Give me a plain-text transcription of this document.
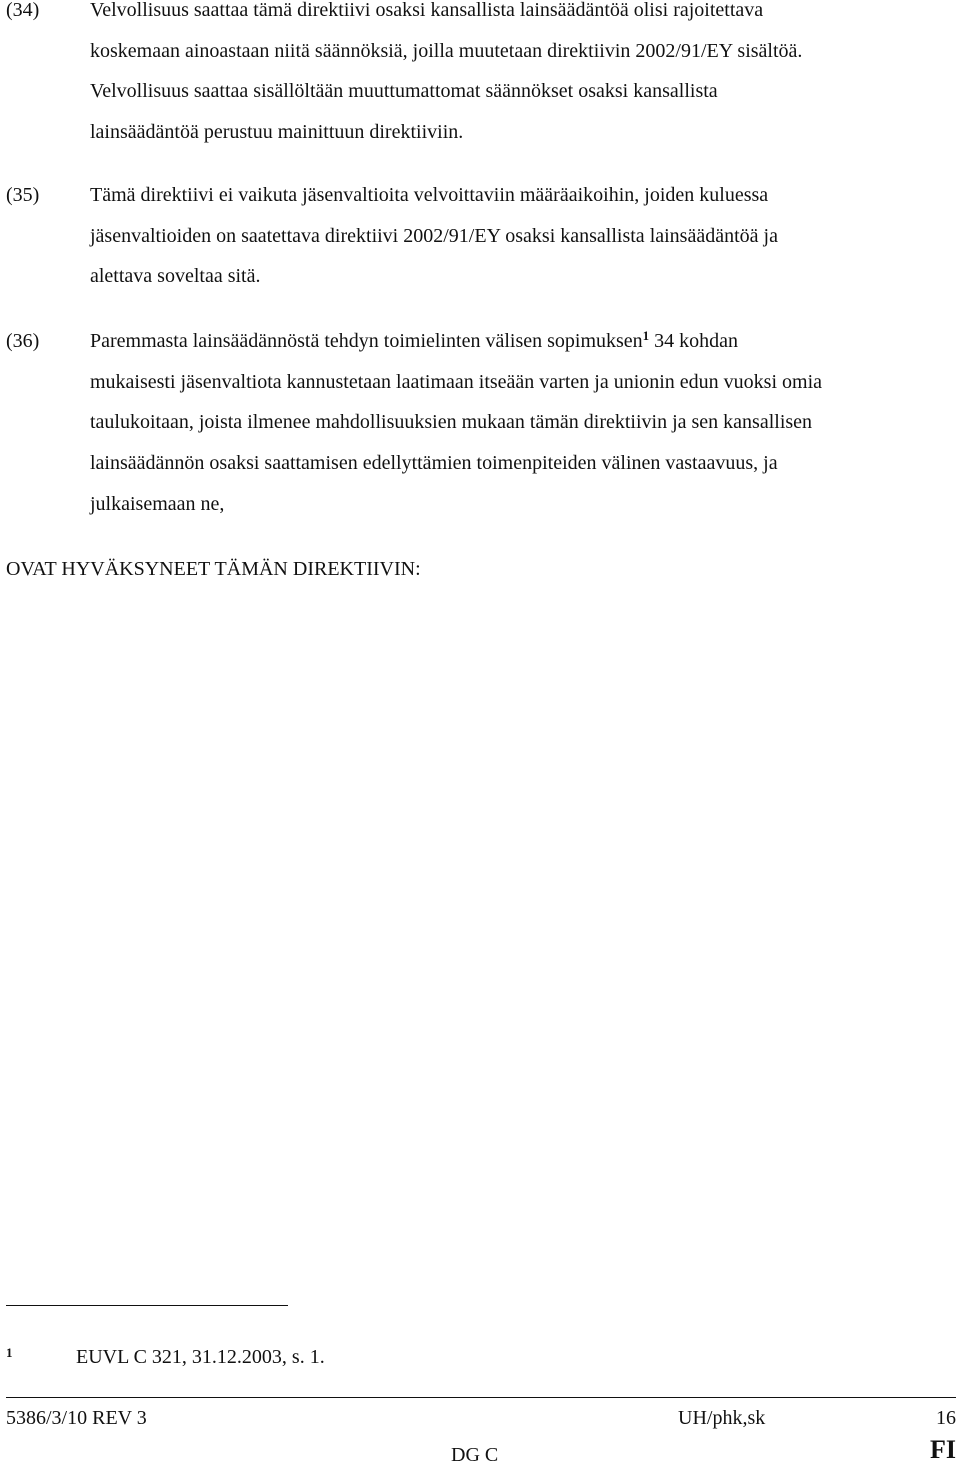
(34)	Velvollisuus saattaa tämä direktiivi osaksi kansallista lainsäädäntöä olisi rajoitettava
koskemaan ainoastaan niitä säännöksiä, joilla muutetaan direktiivin 2002/91/EY sisältöä.
Velvollisuus saattaa sisällöltään muuttumattomat säännökset osaksi kansallista
lainsäädäntöä perustuu mainittuun direktiiviin.
(35)	Tämä direktiivi ei vaikuta jäsenvaltioita velvoittaviin määräaikoihin, joiden kuluessa
jäsenvaltioiden on saatettava direktiivi 2002/91/EY osaksi kansallista lainsäädäntöä ja
alettava soveltaa sitä.
(36)	Paremmasta lainsäädännöstä tehdyn toimielinten välisen sopimuksen$^1$ 34 kohdan
mukaisesti jäsenvaltiota kannustetaan laatimaan itseään varten ja unionin edun vuoksi omia
taulukoitaan, joista ilmenee mahdollisuuksien mukaan tämän direktiivin ja sen kansallisen
lainsäädännön osaksi saattamisen edellyttämien toimenpiteiden välinen vastaavuus, ja
julkaisemaan ne,
OVAT HYVÄKSYNEET TÄMÄN DIREKTIIVIN:
1	EUVL C 321, 31.12.2003, s. 1.
5386/3/10 REV 3	UH/phk,sk	16
DG C	FI
